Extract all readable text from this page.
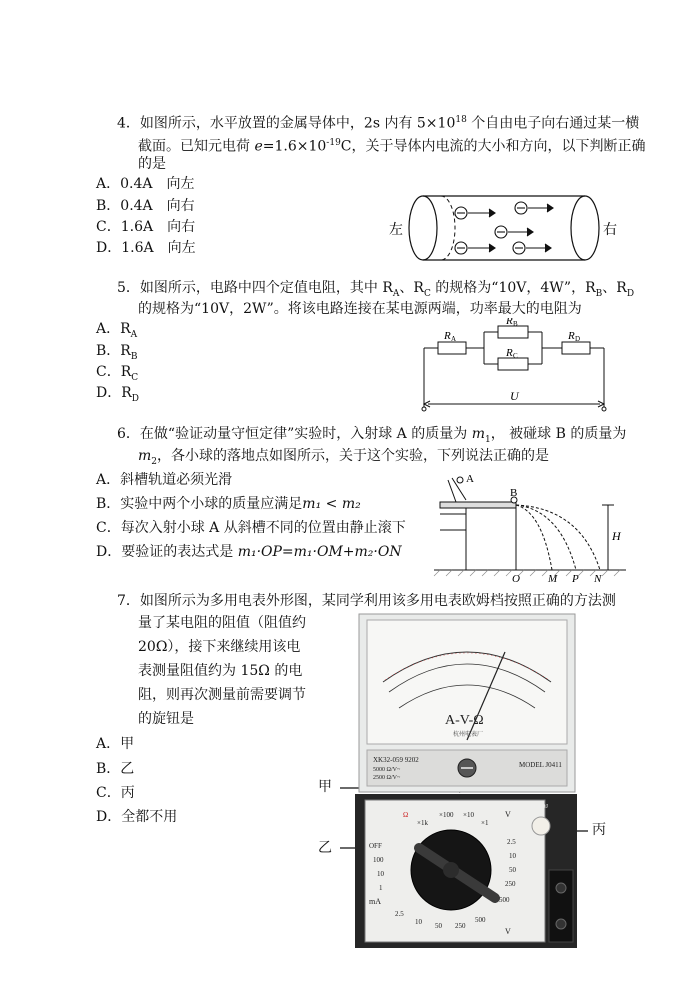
4．如图所示，水平放置的金属导体中，2s 内有 $5\times 10^{18}$ 个自由电子向右通过某一横
截面。已知元电荷 $e=1.6\times 10^{-19}C$，关于导体内电流的大小和方向，以下判断正确
的是
A．0.4A　向左
B．0.4A　向右
C．1.6A　向右
D．1.6A　向左
左	右
5．如图所示，电路中四个定值电阻，其中 $R_A$、$R_C$ 的规格为“10V，4W”，$R_B$、$R_D$
的规格为“10V，2W”。将该电路连接在某电源两端，功率最大的电阻为
A．$R_A$
B．$R_B$
C．$R_C$
D．$R_D$
R A
R B
R C
R D
U
6．在做“验证动量守恒定律”实验时，入射球 A 的质量为 $m_1$， 被碰球 B 的质量为
$m_2$，各小球的落地点如图所示，关于这个实验，下列说法正确的是
A．斜槽轨道必须光滑
B．实验中两个小球的质量应满足m₁ < m₂
C．每次入射小球 A 从斜槽不同的位置由静止滚下
D．要验证的表达式是 m₁·OP=m₁·OM+m₂·ON
A
B
H
O	M P N
7．如图所示为多用电表外形图，某同学利用该多用电表欧姆档按照正确的方法测
量了某电阻的阻值（阻值约
20Ω），接下来继续用该电
表测量阻值约为 15Ω 的电
阻，则再次测量前需要调节
的旋钮是
A．甲
B．乙
C．丙
D．全都不用
甲
乙
丙
A-V-Ω
杭州电表厂
XK32-059 9202
5000 Ω/V~
2500 Ω/V~
MODEL J0411
Ω
×1k
×100 ×10
×1
OFF
100
10
1
mA
2.5
10 50 250
500
V
V
2.5
10
50
250
500
Ω ADJ
+
−
